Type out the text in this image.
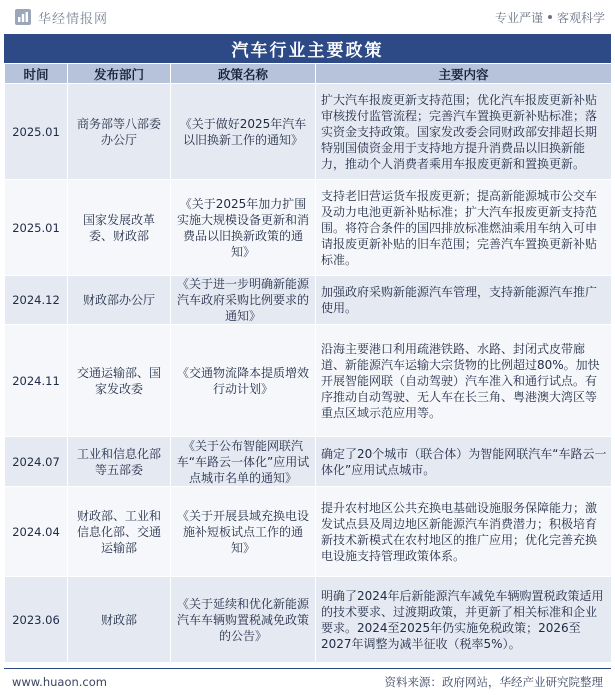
华经情报网	专业严谨 客观科学
汽车行业主要政策
时间	发布部门	政策名称	主要内容
2025.01	商务部等八部委办公厅	《关于做好2025年汽车以旧换新工作的通知》	扩大汽车报废更新支持范围；优化汽车报废更新补贴审核拨付监管流程；完善汽车置换更新补贴标准；落实资金支持政策。国家发改委会同财政部安排超长期特别国债资金用于支持地方提升消费品以旧换新能力，推动个人消费者乘用车报废更新和置换更新。
2025.01	国家发展改革委、财政部	《关于2025年加力扩围实施大规模设备更新和消费品以旧换新政策的通知》	支持老旧营运货车报废更新；提高新能源城市公交车及动力电池更新补贴标准；扩大汽车报废更新支持范围。将符合条件的国四排放标准燃油乘用车纳入可申请报废更新补贴的旧车范围；完善汽车置换更新补贴标准。
2024.12	财政部办公厅	《关于进一步明确新能源汽车政府采购比例要求的通知》	加强政府采购新能源汽车管理，支持新能源汽车推广使用。
2024.11	交通运输部、国家发改委	《交通物流降本提质增效行动计划》	沿海主要港口利用疏港铁路、水路、封闭式皮带廊道、新能源汽车运输大宗货物的比例超过80%。加快开展智能网联（自动驾驶）汽车准入和通行试点。有序推动自动驾驶、无人车在长三角、粤港澳大湾区等重点区域示范应用等。
2024.07	工业和信息化部等五部委	《关于公布智能网联汽车“车路云一体化”应用试点城市名单的通知》	确定了20个城市（联合体）为智能网联汽车“车路云一体化”应用试点城市。
2024.04	财政部、工业和信息化部、交通运输部	《关于开展县域充换电设施补短板试点工作的通知》	提升农村地区公共充换电基础设施服务保障能力；激发试点县及周边地区新能源汽车消费潜力；积极培育新技术新模式在农村地区的推广应用；优化完善充换电设施支持管理政策体系。
2023.06	财政部	《关于延续和优化新能源汽车车辆购置税减免政策的公告》	明确了2024年后新能源汽车减免车辆购置税政策适用的技术要求、过渡期政策，并更新了相关标准和企业要求。2024至2025年仍实施免税政策；2026至2027年调整为减半征收（税率5%）。
www.huaon.com	资料来源：政府网站，华经产业研究院整理
